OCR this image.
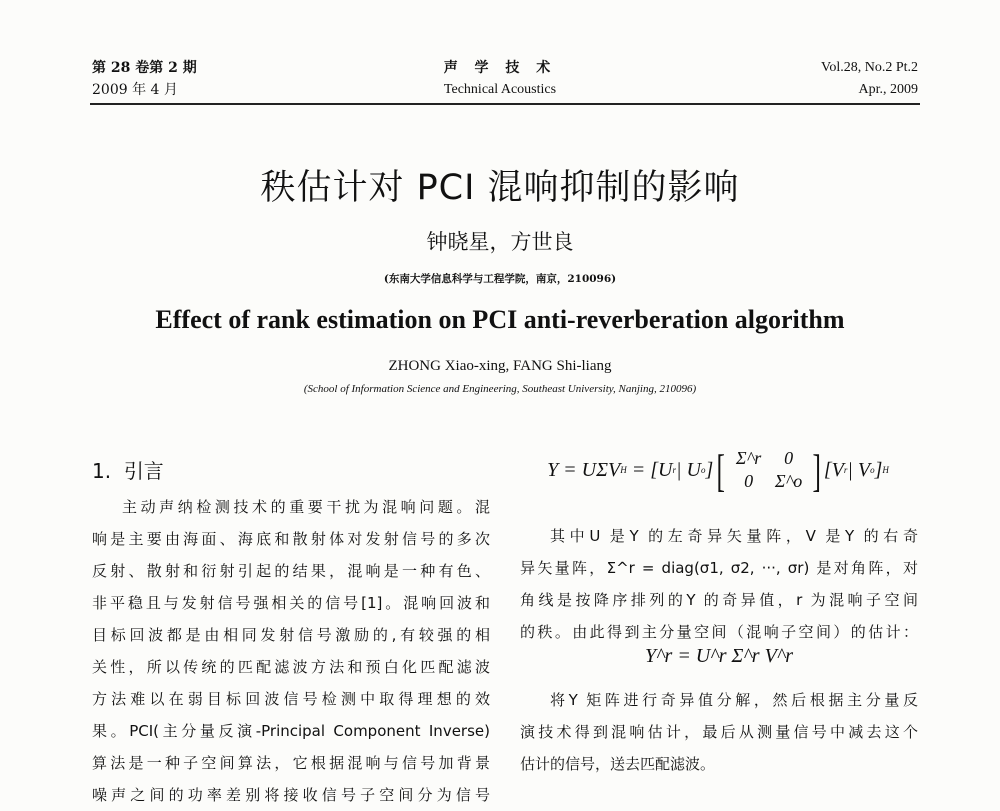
第 28 卷第 2 期
2009 年 4 月
声 学 技 术
Technical Acoustics
Vol.28, No.2 Pt.2
Apr., 2009
秩估计对 PCI 混响抑制的影响
钟晓星，方世良
(东南大学信息科学与工程学院，南京，210096)
Effect of rank estimation on PCI anti-reverberation algorithm
ZHONG Xiao-xing, FANG Shi-liang
(School of Information Science and Engineering, Southeast University, Nanjing, 210096)
1. 引言
主动声纳检测技术的重要干扰为混响问题。混
响是主要由海面、海底和散射体对发射信号的多次
反射、散射和衍射引起的结果，混响是一种有色、
非平稳且与发射信号强相关的信号[1]。混响回波和
目标回波都是由相同发射信号激励的,有较强的相
关性，所以传统的匹配滤波方法和预白化匹配滤波
方法难以在弱目标回波信号检测中取得理想的效
果。PCI(主分量反演-Principal Component Inverse)
算法是一种子空间算法，它根据混响与信号加背景
噪声之间的功率差别将接收信号子空间分为信号
Y = UΣV H
= [U r | U o ] [ Σ^r	0
0	Σ^o ] [V r | V o ] H
其中U 是Y 的左奇异矢量阵，V 是Y 的右奇
异矢量阵，Σ^r = diag(σ1, σ2, ···, σr) 是对角阵，对
角线是按降序排列的Y 的奇异值，r 为混响子空间
的秩。由此得到主分量空间（混响子空间）的估计：
Y^r = U^r Σ^r V^r
将Y 矩阵进行奇异值分解，然后根据主分量反
演技术得到混响估计，最后从测量信号中减去这个
估计的信号，送去匹配滤波。
